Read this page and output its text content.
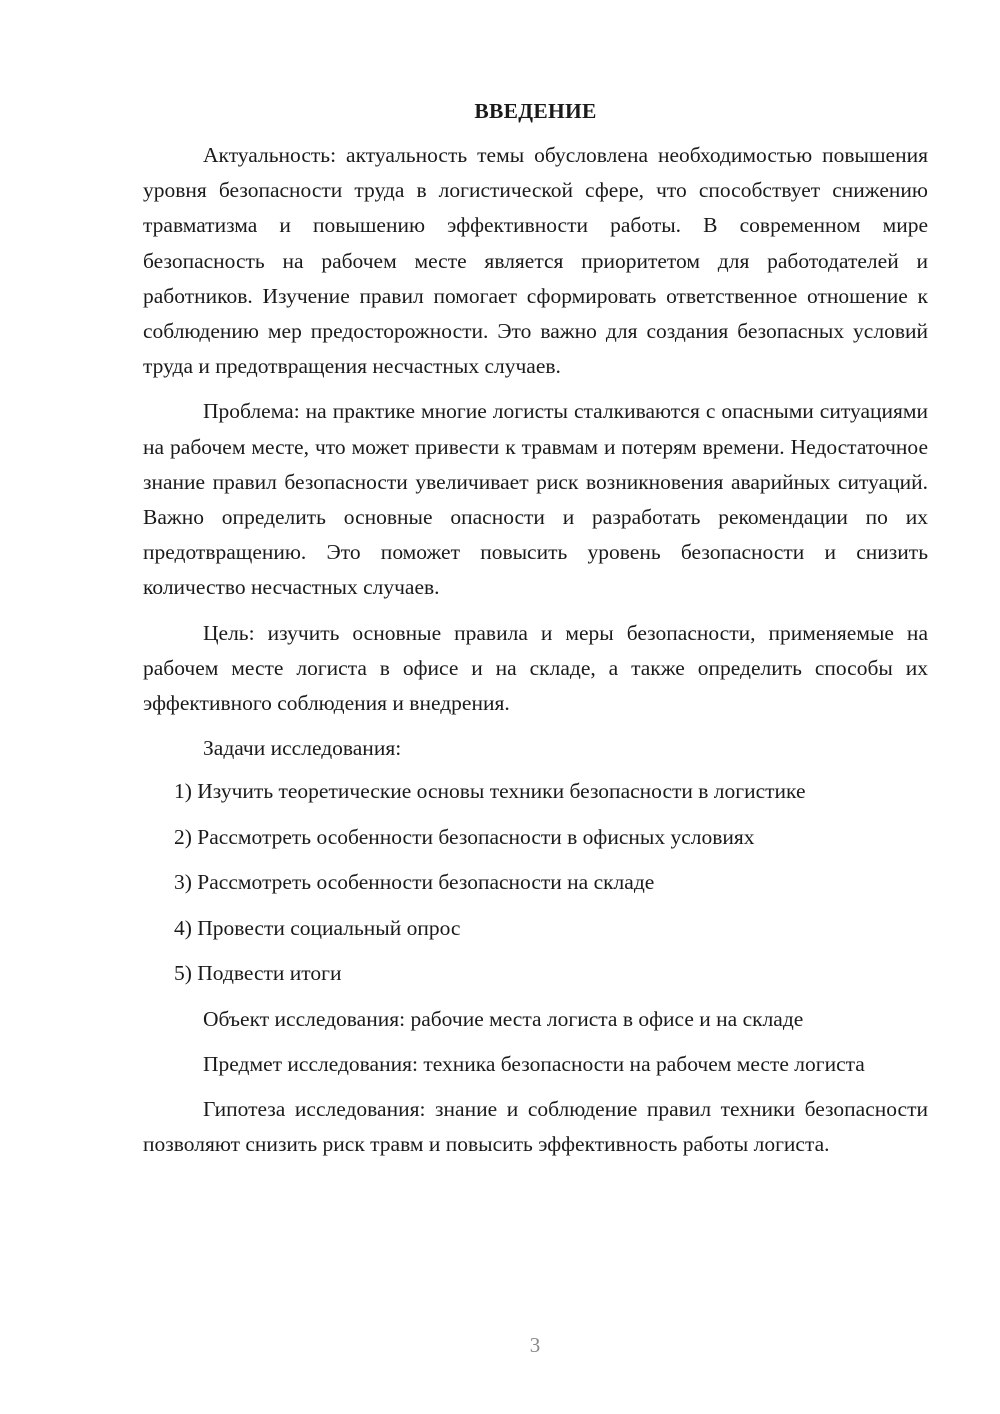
ВВЕДЕНИЕ

Актуальность: актуальность темы обусловлена необходимостью повышения уровня безопасности труда в логистической сфере, что способствует снижению травматизма и повышению эффективности работы. В современном мире безопасность на рабочем месте является приоритетом для работодателей и работников. Изучение правил помогает сформировать ответственное отношение к соблюдению мер предосторожности. Это важно для создания безопасных условий труда и предотвращения несчастных случаев.

Проблема: на практике многие логисты сталкиваются с опасными ситуациями на рабочем месте, что может привести к травмам и потерям времени. Недостаточное знание правил безопасности увеличивает риск возникновения аварийных ситуаций. Важно определить основные опасности и разработать рекомендации по их предотвращению. Это поможет повысить уровень безопасности и снизить количество несчастных случаев.

Цель: изучить основные правила и меры безопасности, применяемые на рабочем месте логиста в офисе и на складе, а также определить способы их эффективного соблюдения и внедрения.

Задачи исследования:

1) Изучить теоретические основы техники безопасности в логистике
2) Рассмотреть особенности безопасности в офисных условиях
3) Рассмотреть особенности безопасности на складе
4) Провести социальный опрос
5) Подвести итоги

Объект исследования: рабочие места логиста в офисе и на складе

Предмет исследования: техника безопасности на рабочем месте логиста

Гипотеза исследования: знание и соблюдение правил техники безопасности позволяют снизить риск травм и повысить эффективность работы логиста.

3
